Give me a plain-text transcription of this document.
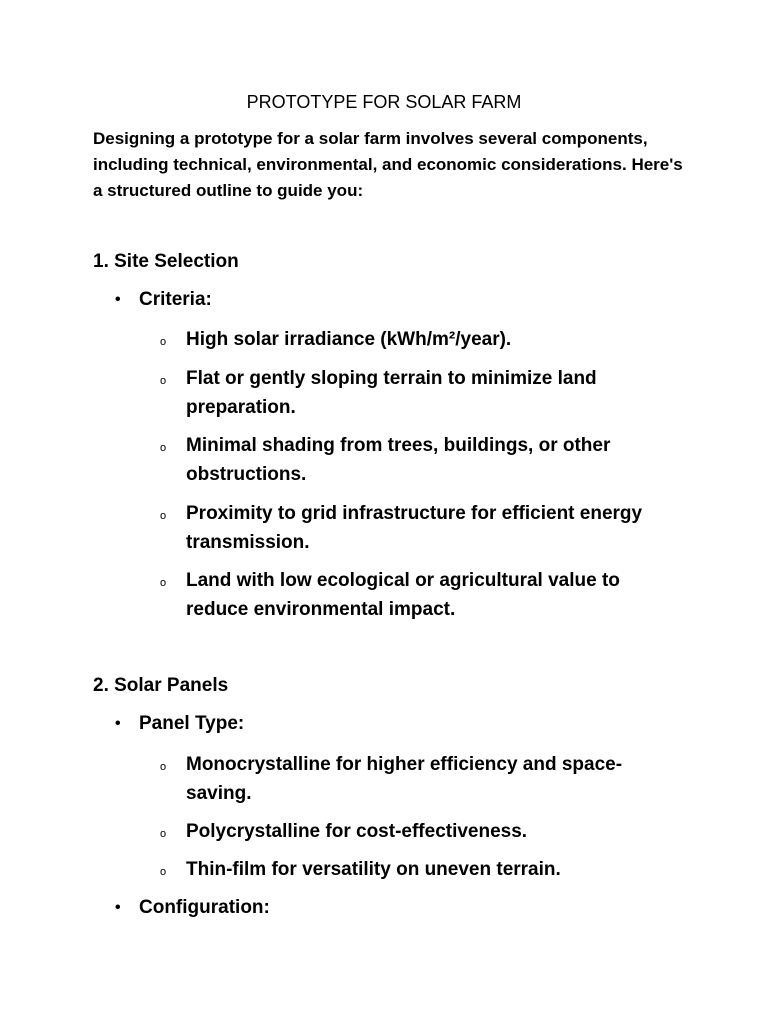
PROTOTYPE FOR SOLAR FARM
Designing a prototype for a solar farm involves several components, including technical, environmental, and economic considerations. Here's a structured outline to guide you:
1. Site Selection
• Criteria:
o	High solar irradiance (kWh/m²/year).
o	Flat or gently sloping terrain to minimize land preparation.
o	Minimal shading from trees, buildings, or other obstructions.
o	Proximity to grid infrastructure for efficient energy transmission.
o	Land with low ecological or agricultural value to reduce environmental impact.
2. Solar Panels
• Panel Type:
o	Monocrystalline for higher efficiency and space-saving.
o	Polycrystalline for cost-effectiveness.
o	Thin-film for versatility on uneven terrain.
• Configuration:
